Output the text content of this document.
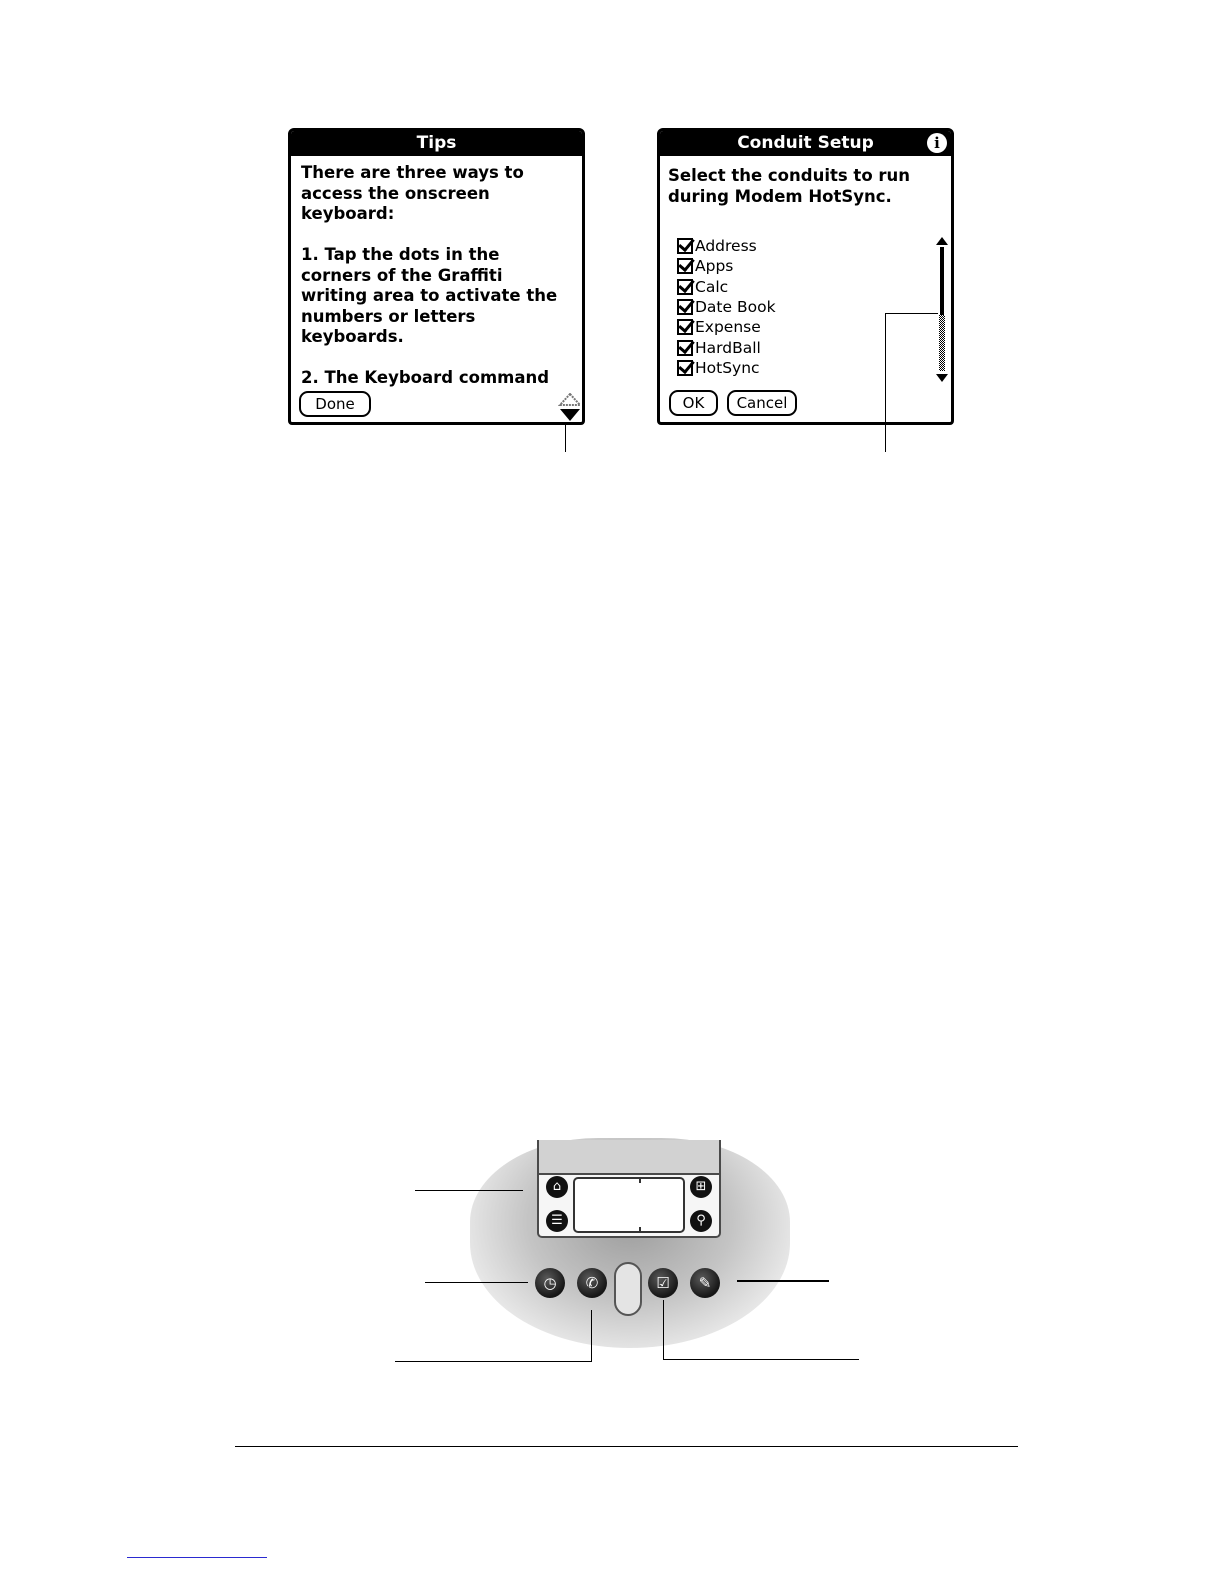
Tips
There are three ways to
access the onscreen
keyboard:

1. Tap the dots in the
corners of the Graffiti
writing area to activate the
numbers or letters
keyboards.

2. The Keyboard command
Done
Conduit Setup	i
Select the conduits to run
during Modem HotSync.
Address
Apps
Calc
Date Book
Expense
HardBall
HotSync
OK	Cancel
⌂
☰
⊞
⚲
◷	✆	☑	✎
